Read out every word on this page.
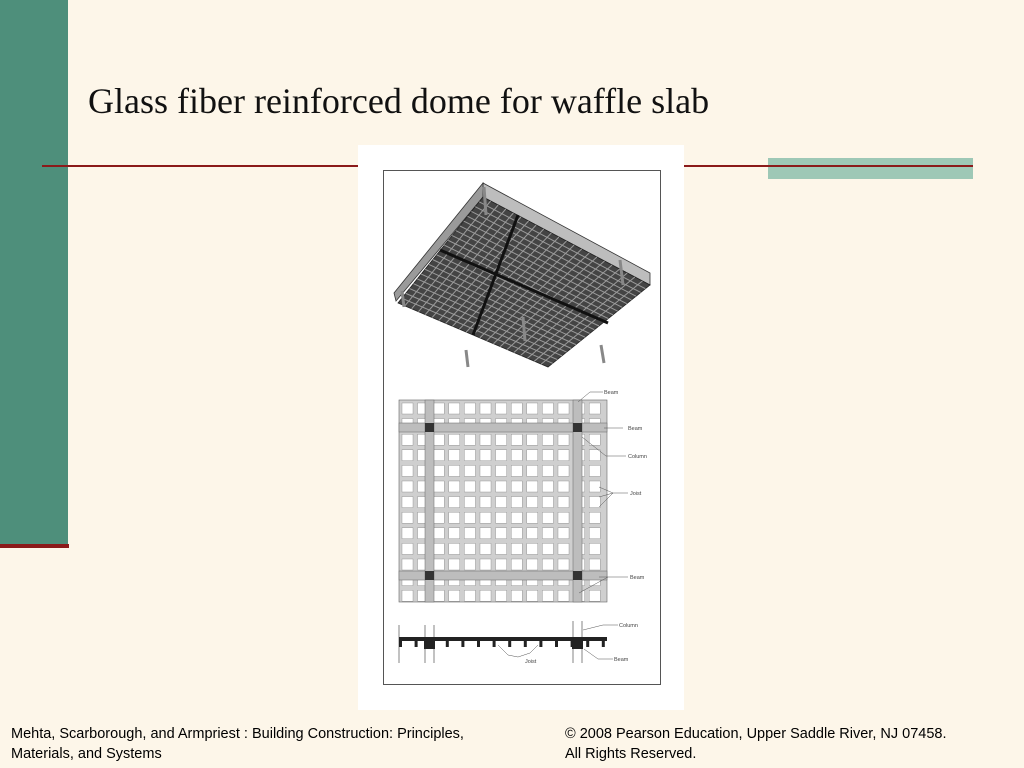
Glass fiber reinforced dome for waffle slab
Beam
Beam
Column
Joist
Beam
Column
Joist	Beam
Mehta, Scarborough, and Armpriest : Building Construction: Principles,
Materials, and Systems
© 2008 Pearson Education, Upper Saddle River, NJ 07458.
All Rights Reserved.
